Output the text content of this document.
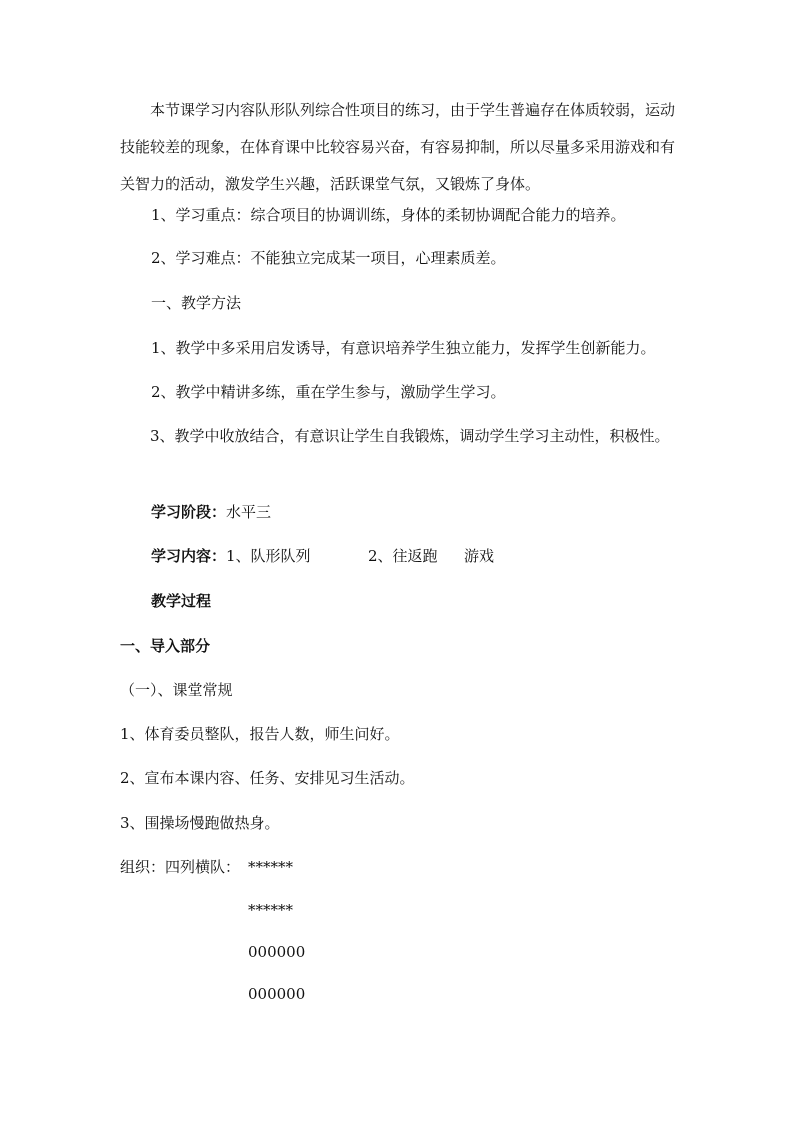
本节课学习内容队形队列综合性项目的练习，由于学生普遍存在体质较弱，运动技能较差的现象，在体育课中比较容易兴奋，有容易抑制，所以尽量多采用游戏和有关智力的活动，激发学生兴趣，活跃课堂气氛，又锻炼了身体。
1、学习重点：综合项目的协调训练，身体的柔韧协调配合能力的培养。
2、学习难点：不能独立完成某一项目，心理素质差。
一、教学方法
1、教学中多采用启发诱导，有意识培养学生独立能力，发挥学生创新能力。
2、教学中精讲多练，重在学生参与，激励学生学习。
3、教学中收放结合，有意识让学生自我锻炼，调动学生学习主动性，积极性。
学习阶段：水平三
学习内容：1、队形队列	2、往返跑 游戏
教学过程
一、导入部分
（一）、课堂常规
1、体育委员整队，报告人数，师生问好。
2、宣布本课内容、任务、安排见习生活动。
3、围操场慢跑做热身。
组织：四列横队： ******
******
000000
000000
